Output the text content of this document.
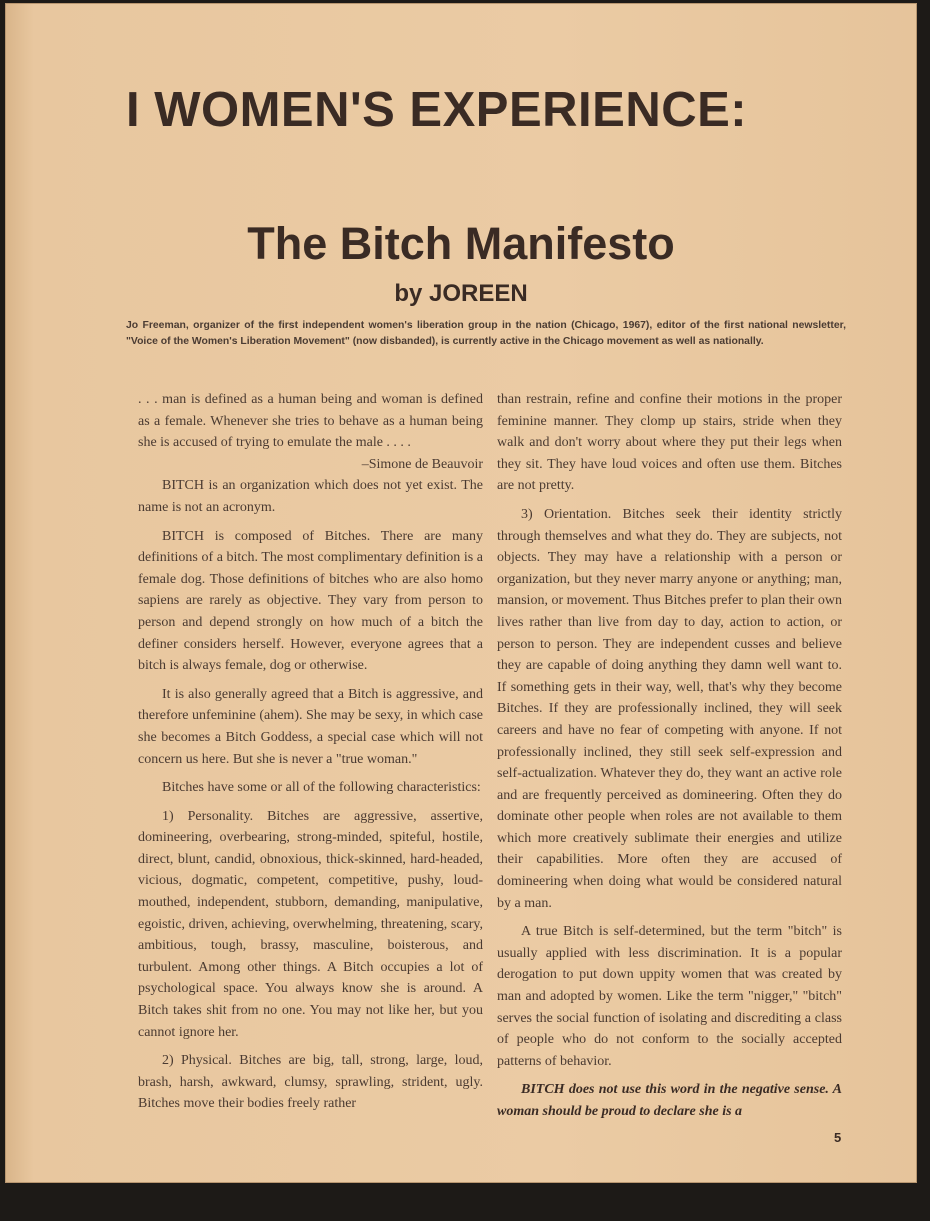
I WOMEN'S EXPERIENCE:
The Bitch Manifesto
by JOREEN

Jo Freeman, organizer of the first independent women's liberation group in the nation (Chicago, 1967), editor of the first national newsletter, "Voice of the Women's Liberation Movement" (now disbanded), is currently active in the Chicago movement as well as nationally.

. . . man is defined as a human being and woman is defined as a female. Whenever she tries to behave as a human being she is accused of trying to emulate the male . . . .

–Simone de Beauvoir

BITCH is an organization which does not yet exist. The name is not an acronym.

BITCH is composed of Bitches. There are many definitions of a bitch. The most complimentary definition is a female dog. Those definitions of bitches who are also homo sapiens are rarely as objective. They vary from person to person and depend strongly on how much of a bitch the definer considers herself. However, everyone agrees that a bitch is always female, dog or otherwise.

It is also generally agreed that a Bitch is aggressive, and therefore unfeminine (ahem). She may be sexy, in which case she becomes a Bitch Goddess, a special case which will not concern us here. But she is never a "true woman."

Bitches have some or all of the following characteristics:

1) Personality. Bitches are aggressive, assertive, domineering, overbearing, strong-minded, spiteful, hostile, direct, blunt, candid, obnoxious, thick-skinned, hard-headed, vicious, dogmatic, competent, competitive, pushy, loud-mouthed, independent, stubborn, demanding, manipulative, egoistic, driven, achieving, overwhelming, threatening, scary, ambitious, tough, brassy, masculine, boisterous, and turbulent. Among other things. A Bitch occupies a lot of psychological space. You always know she is around. A Bitch takes shit from no one. You may not like her, but you cannot ignore her.

2) Physical. Bitches are big, tall, strong, large, loud, brash, harsh, awkward, clumsy, sprawling, strident, ugly. Bitches move their bodies freely rather

than restrain, refine and confine their motions in the proper feminine manner. They clomp up stairs, stride when they walk and don't worry about where they put their legs when they sit. They have loud voices and often use them. Bitches are not pretty.

3) Orientation. Bitches seek their identity strictly through themselves and what they do. They are subjects, not objects. They may have a relationship with a person or organization, but they never marry anyone or anything; man, mansion, or movement. Thus Bitches prefer to plan their own lives rather than live from day to day, action to action, or person to person. They are independent cusses and believe they are capable of doing anything they damn well want to. If something gets in their way, well, that's why they become Bitches. If they are professionally inclined, they will seek careers and have no fear of competing with anyone. If not professionally inclined, they still seek self-expression and self-actualization. Whatever they do, they want an active role and are frequently perceived as domineering. Often they do dominate other people when roles are not available to them which more creatively sublimate their energies and utilize their capabilities. More often they are accused of domineering when doing what would be considered natural by a man.

A true Bitch is self-determined, but the term "bitch" is usually applied with less discrimination. It is a popular derogation to put down uppity women that was created by man and adopted by women. Like the term "nigger," "bitch" serves the social function of isolating and discrediting a class of people who do not conform to the socially accepted patterns of behavior.

BITCH does not use this word in the negative sense. A woman should be proud to declare she is a

5
